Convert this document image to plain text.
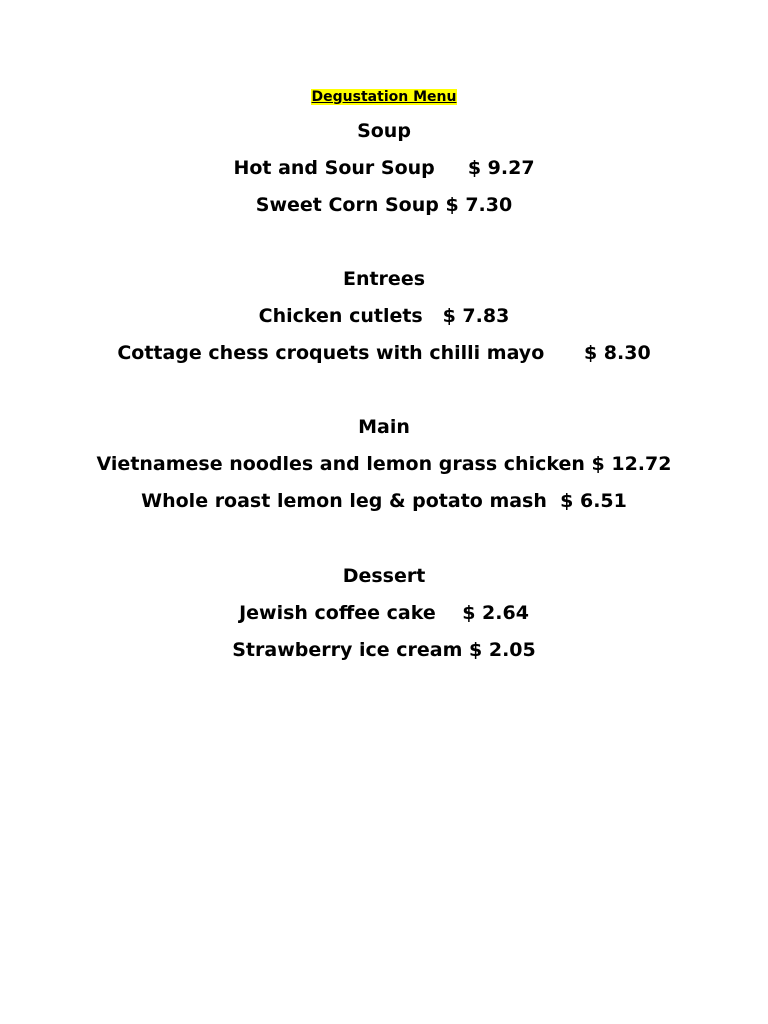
Degustation Menu
Soup
Hot and Sour Soup $ 9.27
Sweet Corn Soup $ 7.30
Entrees
Chicken cutlets $ 7.83
Cottage chess croquets with chilli mayo $ 8.30
Main
Vietnamese noodles and lemon grass chicken $ 12.72
Whole roast lemon leg & potato mash $ 6.51
Dessert
Jewish coffee cake $ 2.64
Strawberry ice cream $ 2.05
